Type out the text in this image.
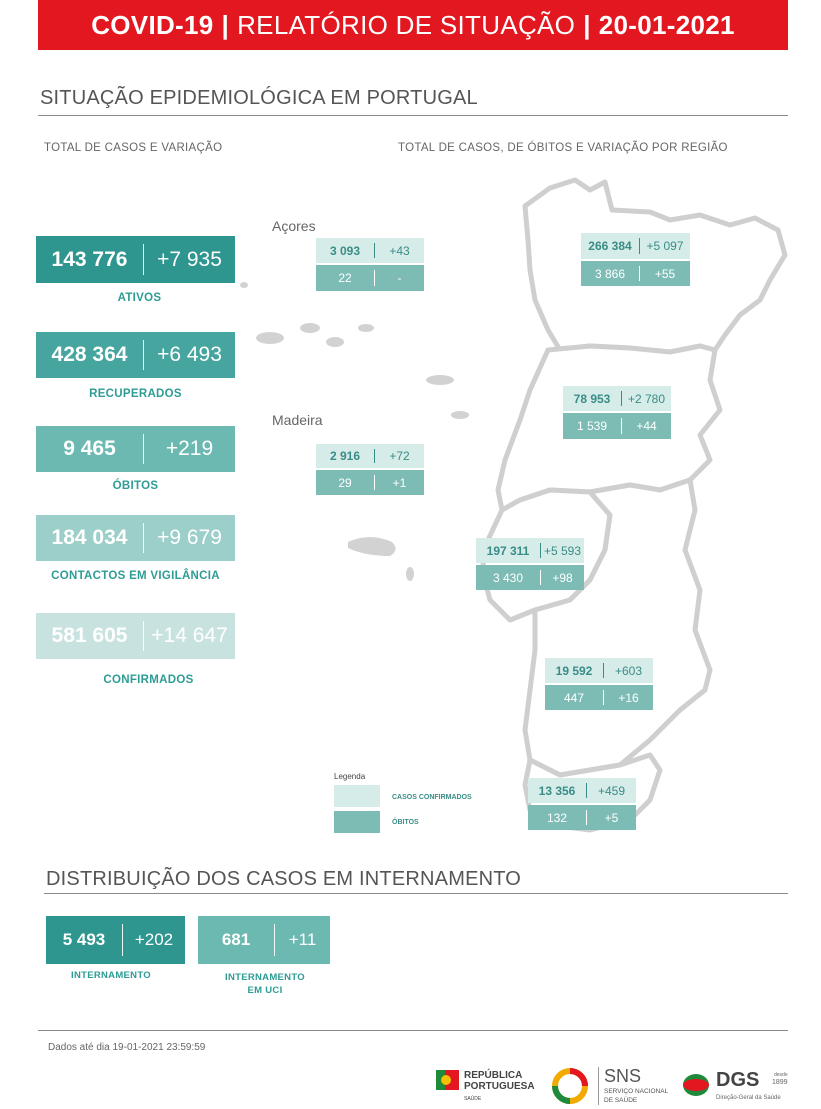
COVID-19 | RELATÓRIO DE SITUAÇÃO | 20-01-2021
SITUAÇÃO EPIDEMIOLÓGICA EM PORTUGAL
TOTAL DE CASOS E VARIAÇÃO	TOTAL DE CASOS, DE ÓBITOS E VARIAÇÃO POR REGIÃO
143 776	+7 935
ATIVOS
428 364	+6 493
RECUPERADOS
9 465	+219
ÓBITOS
184 034	+9 679
CONTACTOS EM VIGILÂNCIA
581 605	+14 647
CONFIRMADOS
Açores
Madeira
3 093	+43
22	-
2 916	+72
29	+1
266 384	+5 097
3 866	+55
78 953	+2 780
1 539	+44
197 311	+5 593
3 430	+98
19 592	+603
447	+16
13 356	+459
132	+5
Legenda
CASOS CONFIRMADOS
ÓBITOS
DISTRIBUIÇÃO DOS CASOS EM INTERNAMENTO
5 493	+202
INTERNAMENTO
681	+11
INTERNAMENTO
EM UCI
Dados até dia 19-01-2021 23:59:59
REPÚBLICA
PORTUGUESA
SAÚDE
SNS
SERVIÇO NACIONAL
DE SAÚDE
DGS	desde
1899
Direção-Geral da Saúde
